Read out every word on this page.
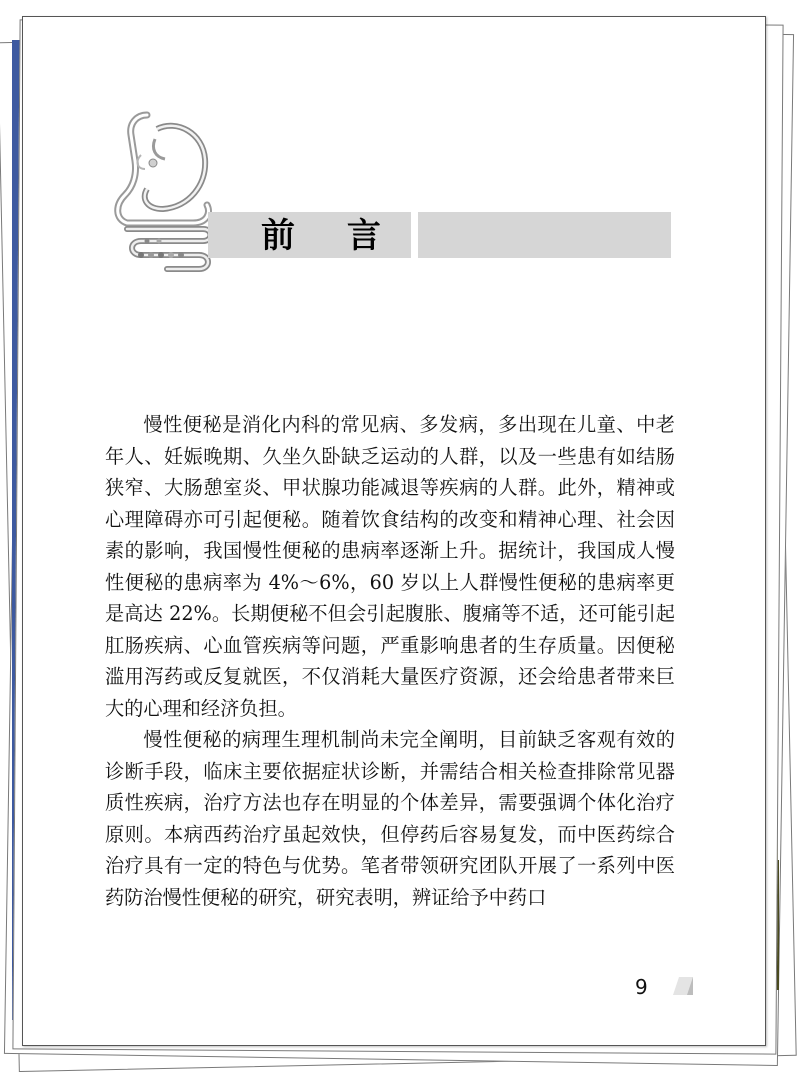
前 言

慢性便秘是消化内科的常见病、多发病，多出现在儿童、中老年人、妊娠晚期、久坐久卧缺乏运动的人群，以及一些患有如结肠狭窄、大肠憩室炎、甲状腺功能减退等疾病的人群。此外，精神或心理障碍亦可引起便秘。随着饮食结构的改变和精神心理、社会因素的影响，我国慢性便秘的患病率逐渐上升。据统计，我国成人慢性便秘的患病率为 4%～6%，60 岁以上人群慢性便秘的患病率更是高达 22%。长期便秘不但会引起腹胀、腹痛等不适，还可能引起肛肠疾病、心血管疾病等问题，严重影响患者的生存质量。因便秘滥用泻药或反复就医，不仅消耗大量医疗资源，还会给患者带来巨大的心理和经济负担。

慢性便秘的病理生理机制尚未完全阐明，目前缺乏客观有效的诊断手段，临床主要依据症状诊断，并需结合相关检查排除常见器质性疾病，治疗方法也存在明显的个体差异，需要强调个体化治疗原则。本病西药治疗虽起效快，但停药后容易复发，而中医药综合治疗具有一定的特色与优势。笔者带领研究团队开展了一系列中医药防治慢性便秘的研究，研究表明，辨证给予中药口

9
